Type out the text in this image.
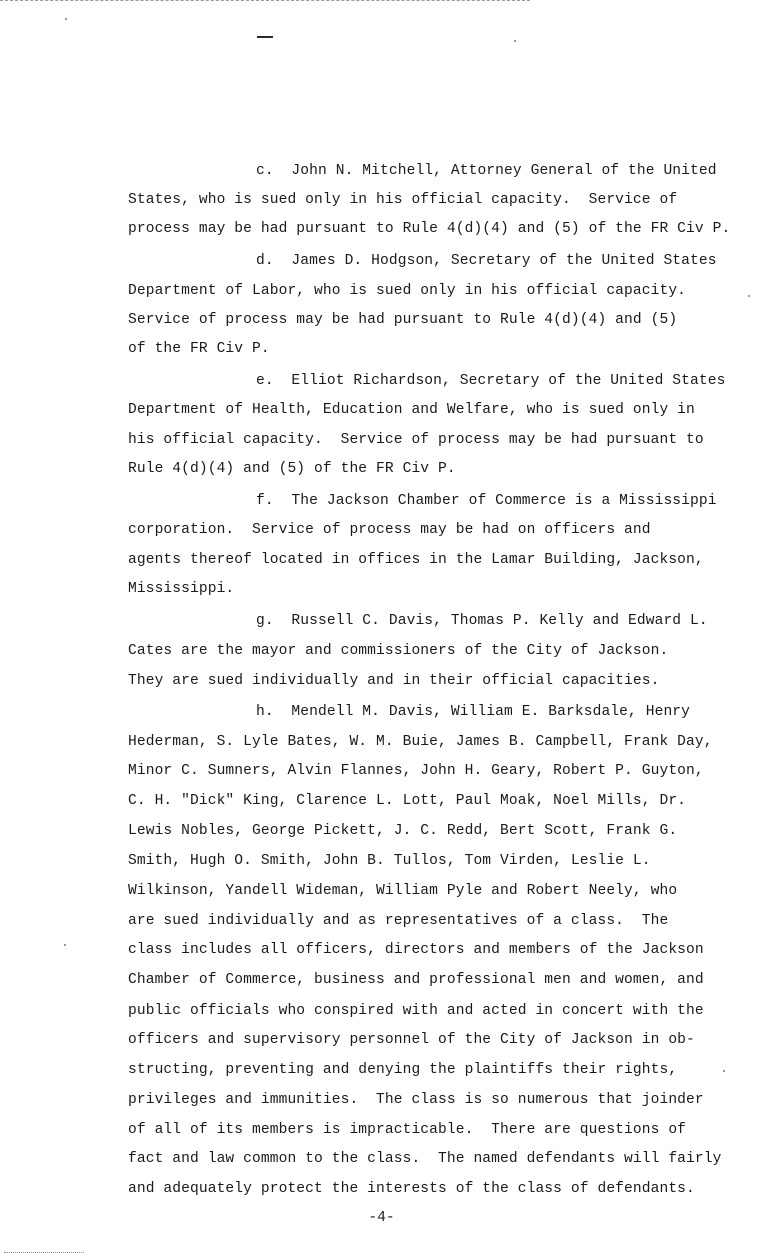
c.  John N. Mitchell, Attorney General of the United

States, who is sued only in his official capacity.  Service of

process may be had pursuant to Rule 4(d)(4) and (5) of the FR Civ P.

d.  James D. Hodgson, Secretary of the United States

Department of Labor, who is sued only in his official capacity.

Service of process may be had pursuant to Rule 4(d)(4) and (5)

of the FR Civ P.

e.  Elliot Richardson, Secretary of the United States

Department of Health, Education and Welfare, who is sued only in

his official capacity.  Service of process may be had pursuant to

Rule 4(d)(4) and (5) of the FR Civ P.

f.  The Jackson Chamber of Commerce is a Mississippi

corporation.  Service of process may be had on officers and

agents thereof located in offices in the Lamar Building, Jackson,

Mississippi.

g.  Russell C. Davis, Thomas P. Kelly and Edward L.

Cates are the mayor and commissioners of the City of Jackson.

They are sued individually and in their official capacities.

h.  Mendell M. Davis, William E. Barksdale, Henry

Hederman, S. Lyle Bates, W. M. Buie, James B. Campbell, Frank Day,

Minor C. Sumners, Alvin Flannes, John H. Geary, Robert P. Guyton,

C. H. "Dick" King, Clarence L. Lott, Paul Moak, Noel Mills, Dr.

Lewis Nobles, George Pickett, J. C. Redd, Bert Scott, Frank G.

Smith, Hugh O. Smith, John B. Tullos, Tom Virden, Leslie L.

Wilkinson, Yandell Wideman, William Pyle and Robert Neely, who

are sued individually and as representatives of a class.  The

class includes all officers, directors and members of the Jackson

Chamber of Commerce, business and professional men and women, and

public officials who conspired with and acted in concert with the

officers and supervisory personnel of the City of Jackson in ob-

structing, preventing and denying the plaintiffs their rights,

privileges and immunities.  The class is so numerous that joinder

of all of its members is impracticable.  There are questions of

fact and law common to the class.  The named defendants will fairly

and adequately protect the interests of the class of defendants.

-4-
